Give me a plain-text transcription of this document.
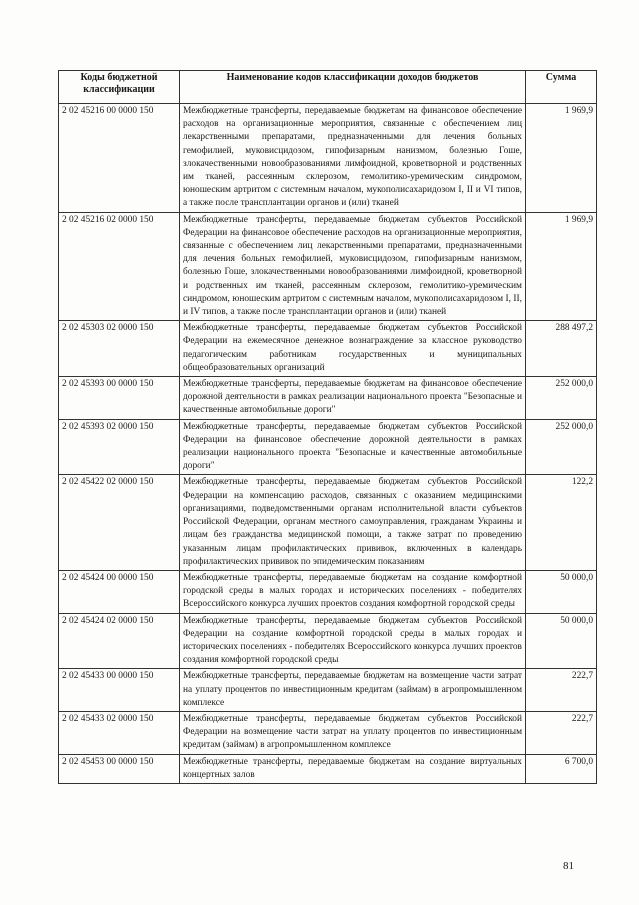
Коды бюджетной классификации	Наименование кодов классификации доходов бюджетов	Сумма
2 02 45216 00 0000 150	Межбюджетные трансферты, передаваемые бюджетам на финансовое обеспечение расходов на организационные мероприятия, связанные с обеспечением лиц лекарственными препаратами, предназначенными для лечения больных гемофилией, муковисцидозом, гипофизарным нанизмом, болезнью Гоше, злокачественными новообразованиями лимфоидной, кроветворной и родственных им тканей, рассеянным склерозом, гемолитико-уремическим синдромом, юношеским артритом с системным началом, мукополисахаридозом I, II и VI типов, а также после трансплантации органов и (или) тканей	1 969,9
2 02 45216 02 0000 150	Межбюджетные трансферты, передаваемые бюджетам субъектов Российской Федерации на финансовое обеспечение расходов на организационные мероприятия, связанные с обеспечением лиц лекарственными препаратами, предназначенными для лечения больных гемофилией, муковисцидозом, гипофизарным нанизмом, болезнью Гоше, злокачественными новообразованиями лимфоидной, кроветворной и родственных им тканей, рассеянным склерозом, гемолитико-уремическим синдромом, юношеским артритом с системным началом, мукополисахаридозом I, II, и IV типов, а также после трансплантации органов и (или) тканей	1 969,9
2 02 45303 02 0000 150	Межбюджетные трансферты, передаваемые бюджетам субъектов Российской Федерации на ежемесячное денежное вознаграждение за классное руководство педагогическим работникам государственных и муниципальных общеобразовательных организаций	288 497,2
2 02 45393 00 0000 150	Межбюджетные трансферты, передаваемые бюджетам на финансовое обеспечение дорожной деятельности в рамках реализации национального проекта "Безопасные и качественные автомобильные дороги"	252 000,0
2 02 45393 02 0000 150	Межбюджетные трансферты, передаваемые бюджетам субъектов Российской Федерации на финансовое обеспечение дорожной деятельности в рамках реализации национального проекта "Безопасные и качественные автомобильные дороги"	252 000,0
2 02 45422 02 0000 150	Межбюджетные трансферты, передаваемые бюджетам субъектов Российской Федерации на компенсацию расходов, связанных с оказанием медицинскими организациями, подведомственными органам исполнительной власти субъектов Российской Федерации, органам местного самоуправления, гражданам Украины и лицам без гражданства медицинской помощи, а также затрат по проведению указанным лицам профилактических прививок, включенных в календарь профилактических прививок по эпидемическим показаниям	122,2
2 02 45424 00 0000 150	Межбюджетные трансферты, передаваемые бюджетам на создание комфортной городской среды в малых городах и исторических поселениях - победителях Всероссийского конкурса лучших проектов создания комфортной городской среды	50 000,0
2 02 45424 02 0000 150	Межбюджетные трансферты, передаваемые бюджетам субъектов Российской Федерации на создание комфортной городской среды в малых городах и исторических поселениях - победителях Всероссийского конкурса лучших проектов создания комфортной городской среды	50 000,0
2 02 45433 00 0000 150	Межбюджетные трансферты, передаваемые бюджетам на возмещение части затрат на уплату процентов по инвестиционным кредитам (займам) в агропромышленном комплексе	222,7
2 02 45433 02 0000 150	Межбюджетные трансферты, передаваемые бюджетам субъектов Российской Федерации на возмещение части затрат на уплату процентов по инвестиционным кредитам (займам) в агропромышленном комплексе	222,7
2 02 45453 00 0000 150	Межбюджетные трансферты, передаваемые бюджетам на создание виртуальных концертных залов	6 700,0
81
